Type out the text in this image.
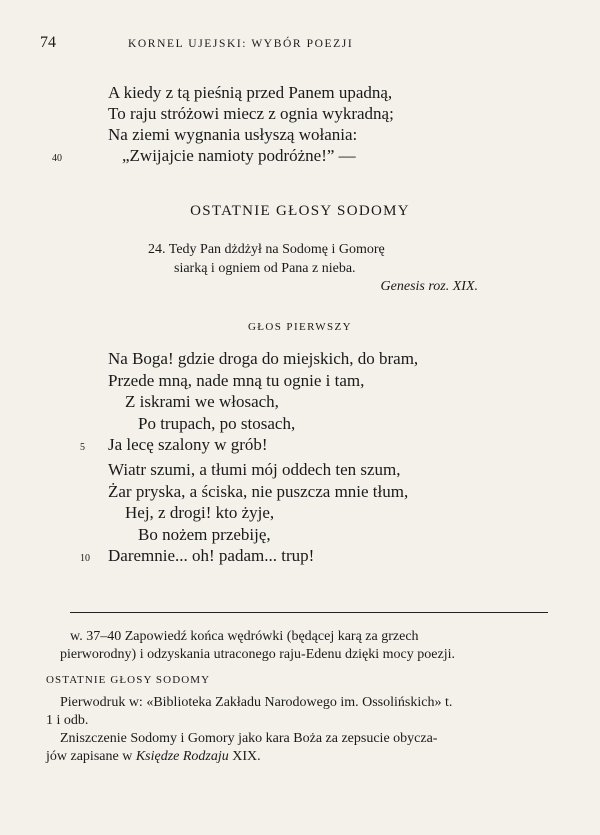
74	KORNEL UJEJSKI: WYBÓR POEZJI
A kiedy z tą pieśnią przed Panem upadną,
To raju stróżowi miecz z ognia wykradną;
Na ziemi wygnania usłyszą wołania:
40	„Zwijajcie namioty podróżne!” —
OSTATNIE GŁOSY SODOMY
24. Tedy Pan dżdżył na Sodomę i Gomorę
siarką i ogniem od Pana z nieba.
Genesis roz. XIX.
GŁOS PIERWSZY
Na Boga! gdzie droga do miejskich, do bram,
Przede mną, nade mną tu ognie i tam,
Z iskrami we włosach,
Po trupach, po stosach,
5 Ja lecę szalony w grób!
Wiatr szumi, a tłumi mój oddech ten szum,
Żar pryska, a ściska, nie puszcza mnie tłum,
Hej, z drogi! kto żyje,
Bo nożem przebiję,
10 Daremnie... oh! padam... trup!

w. 37–40 Zapowiedź końca wędrówki (będącej karą za grzech

pierworodny) i odzyskania utraconego raju-Edenu dzięki mocy poezji.

OSTATNIE GŁOSY SODOMY

Pierwodruk w: «Biblioteka Zakładu Narodowego im. Ossolińskich» t.

1 i odb.

Zniszczenie Sodomy i Gomory jako kara Boża za zepsucie obycza-

jów zapisane w Księdze Rodzaju XIX.
